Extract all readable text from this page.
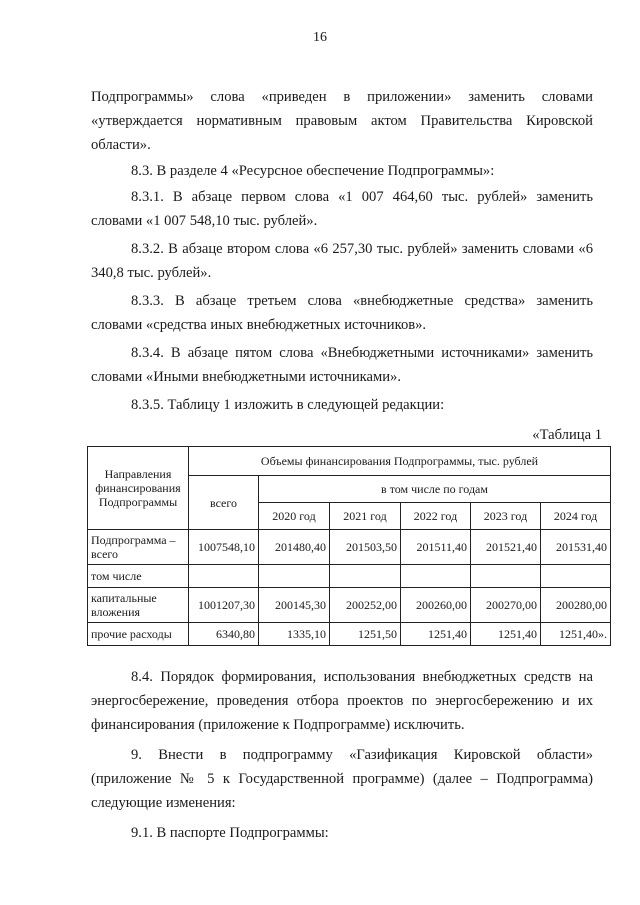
16
Подпрограммы» слова «приведен в приложении» заменить словами «утверждается нормативным правовым актом Правительства Кировской области».
8.3. В разделе 4 «Ресурсное обеспечение Подпрограммы»:
8.3.1. В абзаце первом слова «1 007 464,60 тыс. рублей» заменить словами «1 007 548,10 тыс. рублей».
8.3.2. В абзаце втором слова «6 257,30 тыс. рублей» заменить словами «6 340,8 тыс. рублей».
8.3.3. В абзаце третьем слова «внебюджетные средства» заменить словами «средства иных внебюджетных источников».
8.3.4. В абзаце пятом слова «Внебюджетными источниками» заменить словами «Иными внебюджетными источниками».
8.3.5. Таблицу 1 изложить в следующей редакции:
«Таблица 1
Направления финансирования Подпрограммы	Объемы финансирования Подпрограммы, тыс. рублей					
	всего	в том числе по годам				
		2020 год	2021 год	2022 год	2023 год	2024 год
Подпрограмма – всего	1007548,10	201480,40	201503,50	201511,40	201521,40	201531,40
том числе						
капитальные вложения	1001207,30	200145,30	200252,00	200260,00	200270,00	200280,00
прочие расходы	6340,80	1335,10	1251,50	1251,40	1251,40	1251,40».
8.4. Порядок формирования, использования внебюджетных средств на энергосбережение, проведения отбора проектов по энергосбережению и их финансирования (приложение к Подпрограмме) исключить.
9. Внести в подпрограмму «Газификация Кировской области» (приложение № 5 к Государственной программе) (далее – Подпрограмма) следующие изменения:
9.1. В паспорте Подпрограммы:
